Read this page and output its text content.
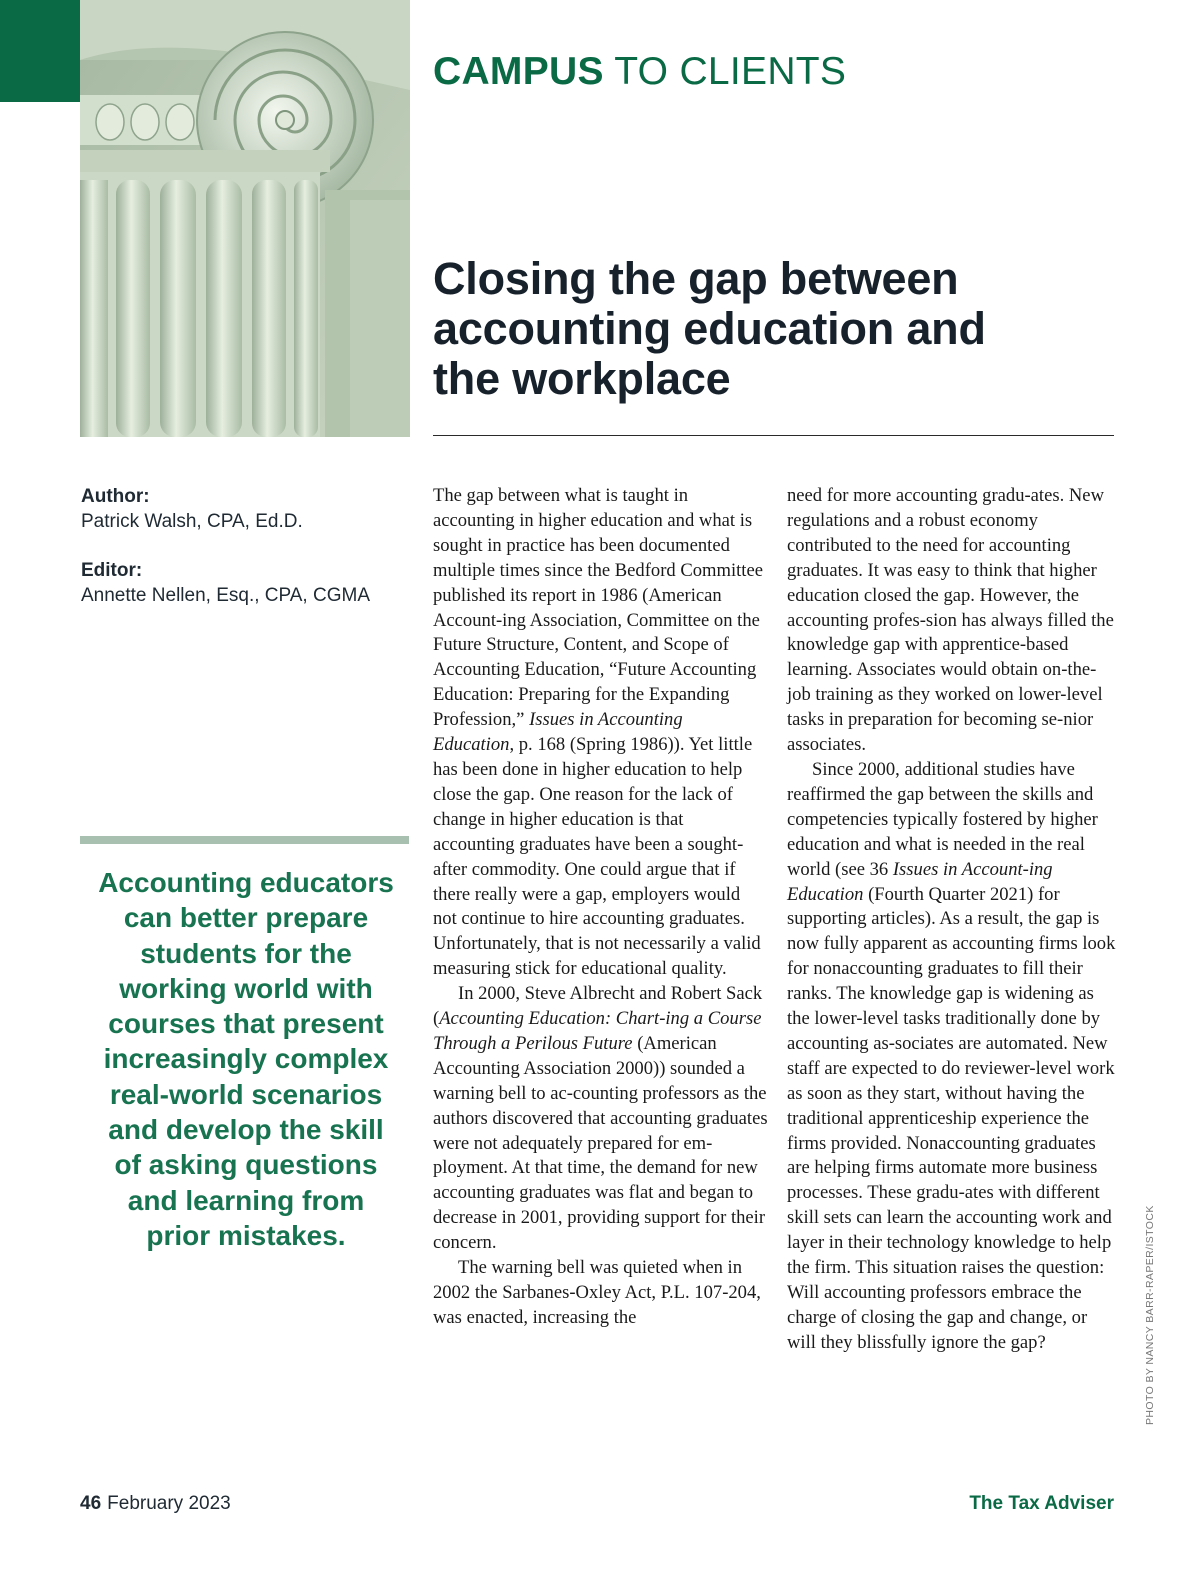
CAMPUS TO CLIENTS
Closing the gap between
accounting education and
the workplace
Author:
Patrick Walsh, CPA, Ed.D.
Editor:
Annette Nellen, Esq., CPA, CGMA
Accounting educators
can better prepare
students for the
working world with
courses that present
increasingly complex
real-world scenarios
and develop the skill
of asking questions
and learning from
prior mistakes.

The gap between what is taught in accounting in higher education and what is sought in practice has been documented multiple times since the Bedford Committee published its report in 1986 (American Account-ing Association, Committee on the Future Structure, Content, and Scope of Accounting Education, “Future Accounting Education: Preparing for the Expanding Profession,” Issues in Accounting Education, p. 168 (Spring 1986)). Yet little has been done in higher education to help close the gap. One reason for the lack of change in higher education is that accounting graduates have been a sought-after commodity. One could argue that if there really were a gap, employers would not continue to hire accounting graduates. Unfortunately, that is not necessarily a valid measuring stick for educational quality.

In 2000, Steve Albrecht and Robert Sack (Accounting Education: Chart-ing a Course Through a Perilous Future (American Accounting Association 2000)) sounded a warning bell to ac-counting professors as the authors discovered that accounting graduates were not adequately prepared for em-ployment. At that time, the demand for new accounting graduates was flat and began to decrease in 2001, providing support for their concern.

The warning bell was quieted when in 2002 the Sarbanes-Oxley Act, P.L. 107-204, was enacted, increasing the

need for more accounting gradu-ates. New regulations and a robust economy contributed to the need for accounting graduates. It was easy to think that higher education closed the gap. However, the accounting profes-sion has always filled the knowledge gap with apprentice-based learning. Associates would obtain on-the-job training as they worked on lower-level tasks in preparation for becoming se-nior associates.

Since 2000, additional studies have reaffirmed the gap between the skills and competencies typically fostered by higher education and what is needed in the real world (see 36 Issues in Account-ing Education (Fourth Quarter 2021) for supporting articles). As a result, the gap is now fully apparent as accounting firms look for nonaccounting graduates to fill their ranks. The knowledge gap is widening as the lower-level tasks traditionally done by accounting as-sociates are automated. New staff are expected to do reviewer-level work as soon as they start, without having the traditional apprenticeship experience the firms provided. Nonaccounting graduates are helping firms automate more business processes. These gradu-ates with different skill sets can learn the accounting work and layer in their technology knowledge to help the firm. This situation raises the question: Will accounting professors embrace the charge of closing the gap and change, or will they blissfully ignore the gap?	PHOTO BY NANCY BARR-RAPER/ISTOCK
46 February 2023	The Tax Adviser
